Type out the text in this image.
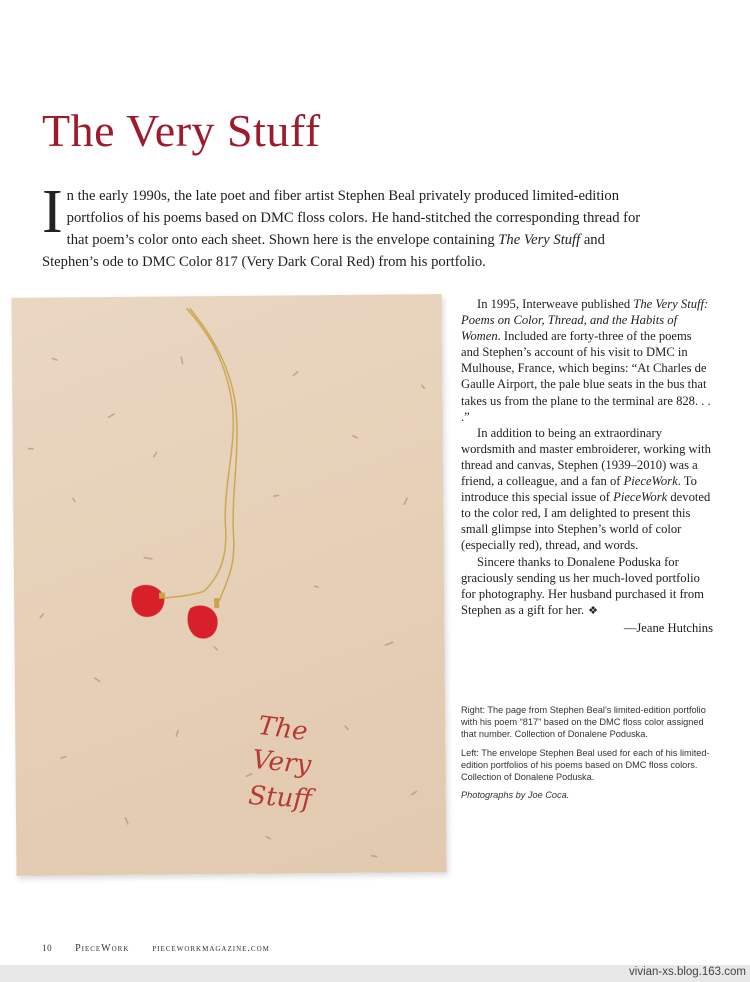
The Very Stuff
In the early 1990s, the late poet and fiber artist Stephen Beal privately produced limited-edition portfolios of his poems based on DMC floss colors. He hand-stitched the corresponding thread for that poem’s color onto each sheet. Shown here is the envelope containing The Very Stuff and Stephen’s ode to DMC Color 817 (Very Dark Coral Red) from his portfolio.
The
Very
Stuff

In 1995, Interweave published The Very Stuff: Poems on Color, Thread, and the Habits of Women. Included are forty-three of the poems and Stephen’s account of his visit to DMC in Mulhouse, France, which begins: “At Charles de Gaulle Airport, the pale blue seats in the bus that takes us from the plane to the terminal are 828. . . .”

In addition to being an extraordinary wordsmith and master embroiderer, working with thread and canvas, Stephen (1939–2010) was a friend, a colleague, and a fan of PieceWork. To introduce this special issue of PieceWork devoted to the color red, I am delighted to present this small glimpse into Stephen’s world of color (especially red), thread, and words.

Sincere thanks to Donalene Poduska for graciously sending us her much-loved portfolio for photography. Her husband purchased it from Stephen as a gift for her. ❖

—Jeane Hutchins

Right: The page from Stephen Beal’s limited-edition portfolio with his poem “817” based on the DMC floss color assigned that number. Collection of Donalene Poduska.

Left: The envelope Stephen Beal used for each of his limited-edition portfolios of his poems based on DMC floss colors. Collection of Donalene Poduska.

Photographs by Joe Coca.

10 PieceWork pieceworkmagazine.com
vivian-xs.blog.163.com
